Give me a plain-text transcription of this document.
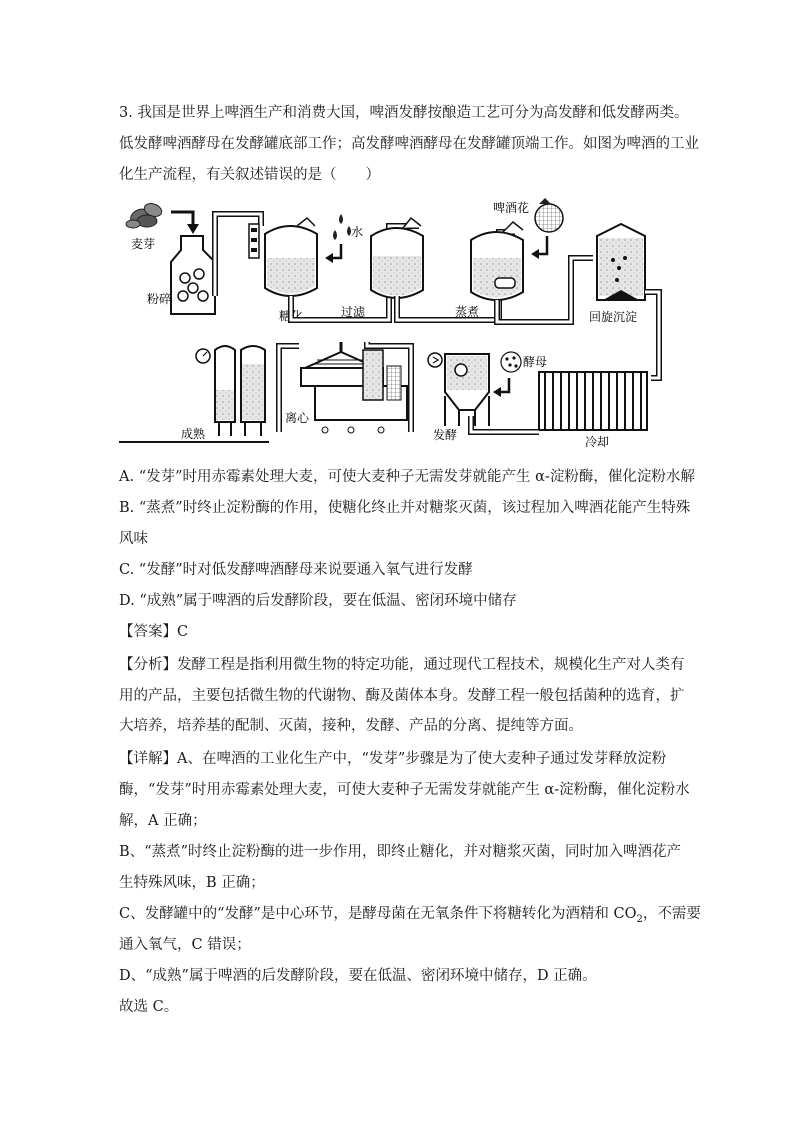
3. 我国是世界上啤酒生产和消费大国，啤酒发酵按酿造工艺可分为高发酵和低发酵两类。
低发酵啤酒酵母在发酵罐底部工作；高发酵啤酒酵母在发酵罐顶端工作。如图为啤酒的工业
化生产流程，有关叙述错误的是（　　）
麦芽
粉碎
糖化
水
过滤
啤酒花
蒸煮	回旋沉淀
冷却
酵母
发酵
离心
成熟
A. “发芽”时用赤霉素处理大麦，可使大麦种子无需发芽就能产生 α-淀粉酶，催化淀粉水解
B. “蒸煮”时终止淀粉酶的作用，使糖化终止并对糖浆灭菌，该过程加入啤酒花能产生特殊
风味
C. “发酵”时对低发酵啤酒酵母来说要通入氧气进行发酵
D. “成熟”属于啤酒的后发酵阶段，要在低温、密闭环境中储存
【答案】C
【分析】发酵工程是指利用微生物的特定功能，通过现代工程技术，规模化生产对人类有
用的产品，主要包括微生物的代谢物、酶及菌体本身。发酵工程一般包括菌种的选育，扩
大培养，培养基的配制、灭菌，接种，发酵、产品的分离、提纯等方面。
【详解】A、在啤酒的工业化生产中，“发芽”步骤是为了使大麦种子通过发芽释放淀粉
酶，“发芽”时用赤霉素处理大麦，可使大麦种子无需发芽就能产生 α-淀粉酶，催化淀粉水
解，A 正确；
B、“蒸煮”时终止淀粉酶的进一步作用，即终止糖化，并对糖浆灭菌，同时加入啤酒花产
生特殊风味，B 正确；
C、发酵罐中的“发酵”是中心环节，是酵母菌在无氧条件下将糖转化为酒精和 $CO_2$，不需要
通入氧气，C 错误；
D、“成熟”属于啤酒的后发酵阶段，要在低温、密闭环境中储存，D 正确。
故选 C。
